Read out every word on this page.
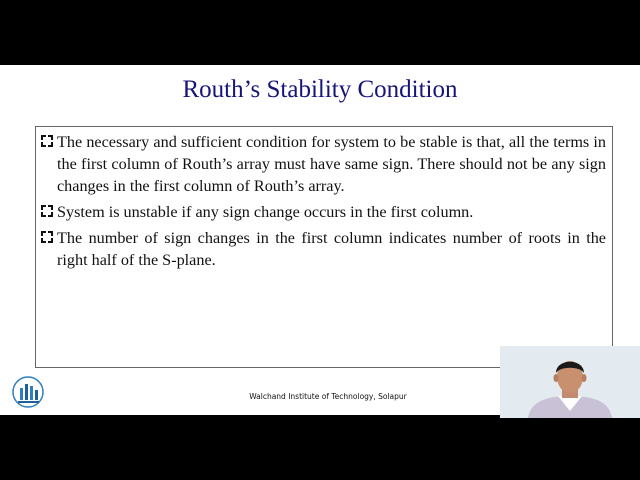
Routh’s Stability Condition
The necessary and sufficient condition for system to be stable is that, all the terms in the first column of Routh’s array must have same sign. There should not be any sign changes in the first column of Routh’s array.
System is unstable if any sign change occurs in the first column.
The number of sign changes in the first column indicates number of roots in the right half of the S-plane.
Walchand Institute of Technology, Solapur
